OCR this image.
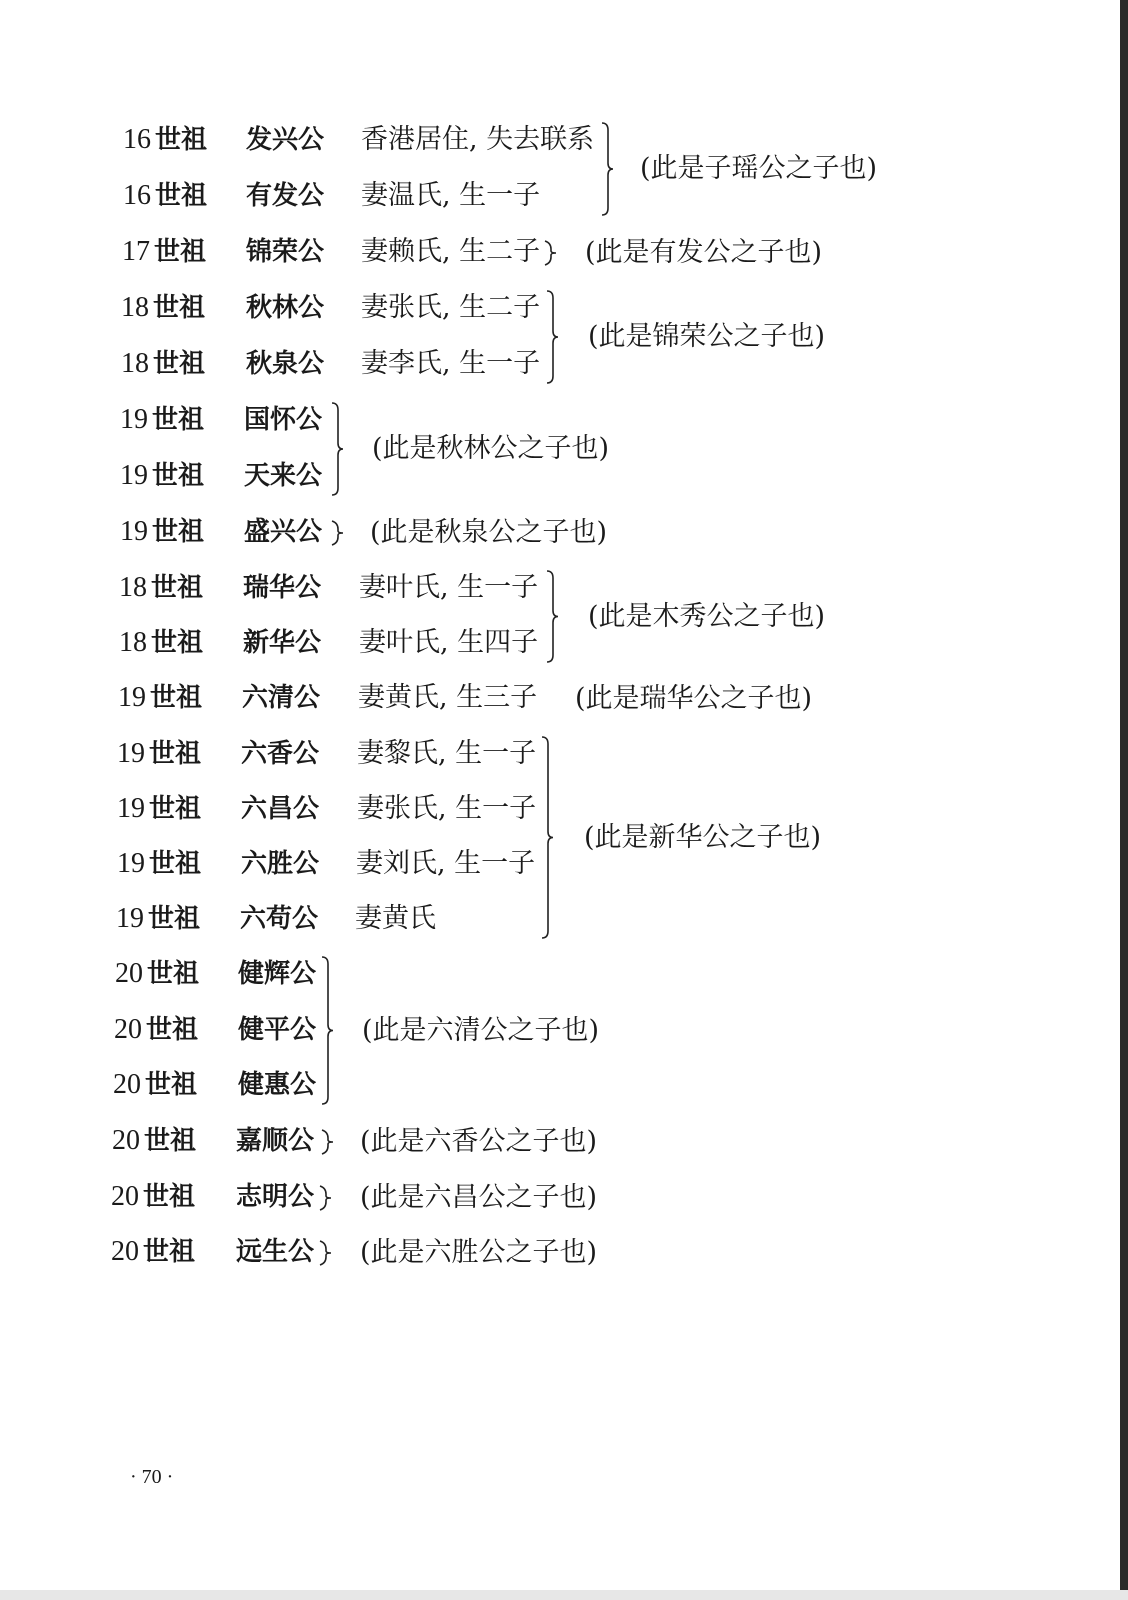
16 世祖 发兴公 香港居住, 失去联系
16 世祖 有发公 妻温氏, 生一子
17 世祖 锦荣公 妻赖氏, 生二子
18 世祖 秋林公 妻张氏, 生二子
18 世祖 秋泉公 妻李氏, 生一子
19 世祖 国怀公
19 世祖 天来公
19 世祖 盛兴公
18 世祖 瑞华公 妻叶氏, 生一子
18 世祖 新华公 妻叶氏, 生四子
19 世祖 六清公 妻黄氏, 生三子
19 世祖 六香公 妻黎氏, 生一子
19 世祖 六昌公 妻张氏, 生一子
19 世祖 六胜公 妻刘氏, 生一子
19 世祖 六苟公 妻黄氏
20 世祖 健辉公
20 世祖 健平公
20 世祖 健惠公
20 世祖 嘉顺公
20 世祖 志明公
20 世祖 远生公
(此是子瑶公之子也)
(此是有发公之子也)
(此是锦荣公之子也)
(此是秋林公之子也)
(此是秋泉公之子也)
(此是木秀公之子也)
(此是瑞华公之子也)
(此是新华公之子也)
(此是六清公之子也)
(此是六香公之子也)
(此是六昌公之子也)
(此是六胜公之子也)
· 70 ·
